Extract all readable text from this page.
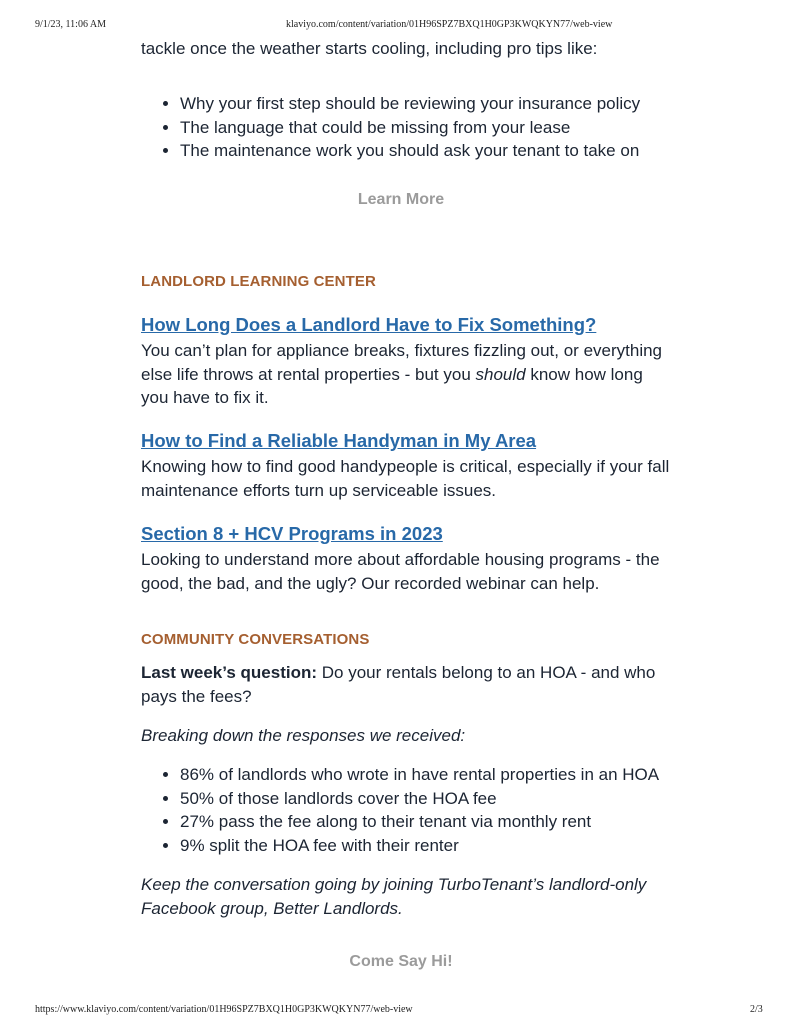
9/1/23, 11:06 AM	klaviyo.com/content/variation/01H96SPZ7BXQ1H0GP3KWQKYN77/web-view

tackle once the weather starts cooling, including pro tips like:

• Why your first step should be reviewing your insurance policy
• The language that could be missing from your lease
• The maintenance work you should ask your tenant to take on
Learn More
LANDLORD LEARNING CENTER
How Long Does a Landlord Have to Fix Something?

You can’t plan for appliance breaks, fixtures fizzling out, or everything else life throws at rental properties - but you should know how long you have to fix it.

How to Find a Reliable Handyman in My Area

Knowing how to find good handypeople is critical, especially if your fall maintenance efforts turn up serviceable issues.

Section 8 + HCV Programs in 2023

Looking to understand more about affordable housing programs - the good, the bad, and the ugly? Our recorded webinar can help.

COMMUNITY CONVERSATIONS

Last week’s question: Do your rentals belong to an HOA - and who pays the fees?

Breaking down the responses we received:

• 86% of landlords who wrote in have rental properties in an HOA
• 50% of those landlords cover the HOA fee
• 27% pass the fee along to their tenant via monthly rent
• 9% split the HOA fee with their renter

Keep the conversation going by joining TurboTenant’s landlord-only Facebook group, Better Landlords.

Come Say Hi!
https://www.klaviyo.com/content/variation/01H96SPZ7BXQ1H0GP3KWQKYN77/web-view	2/3
